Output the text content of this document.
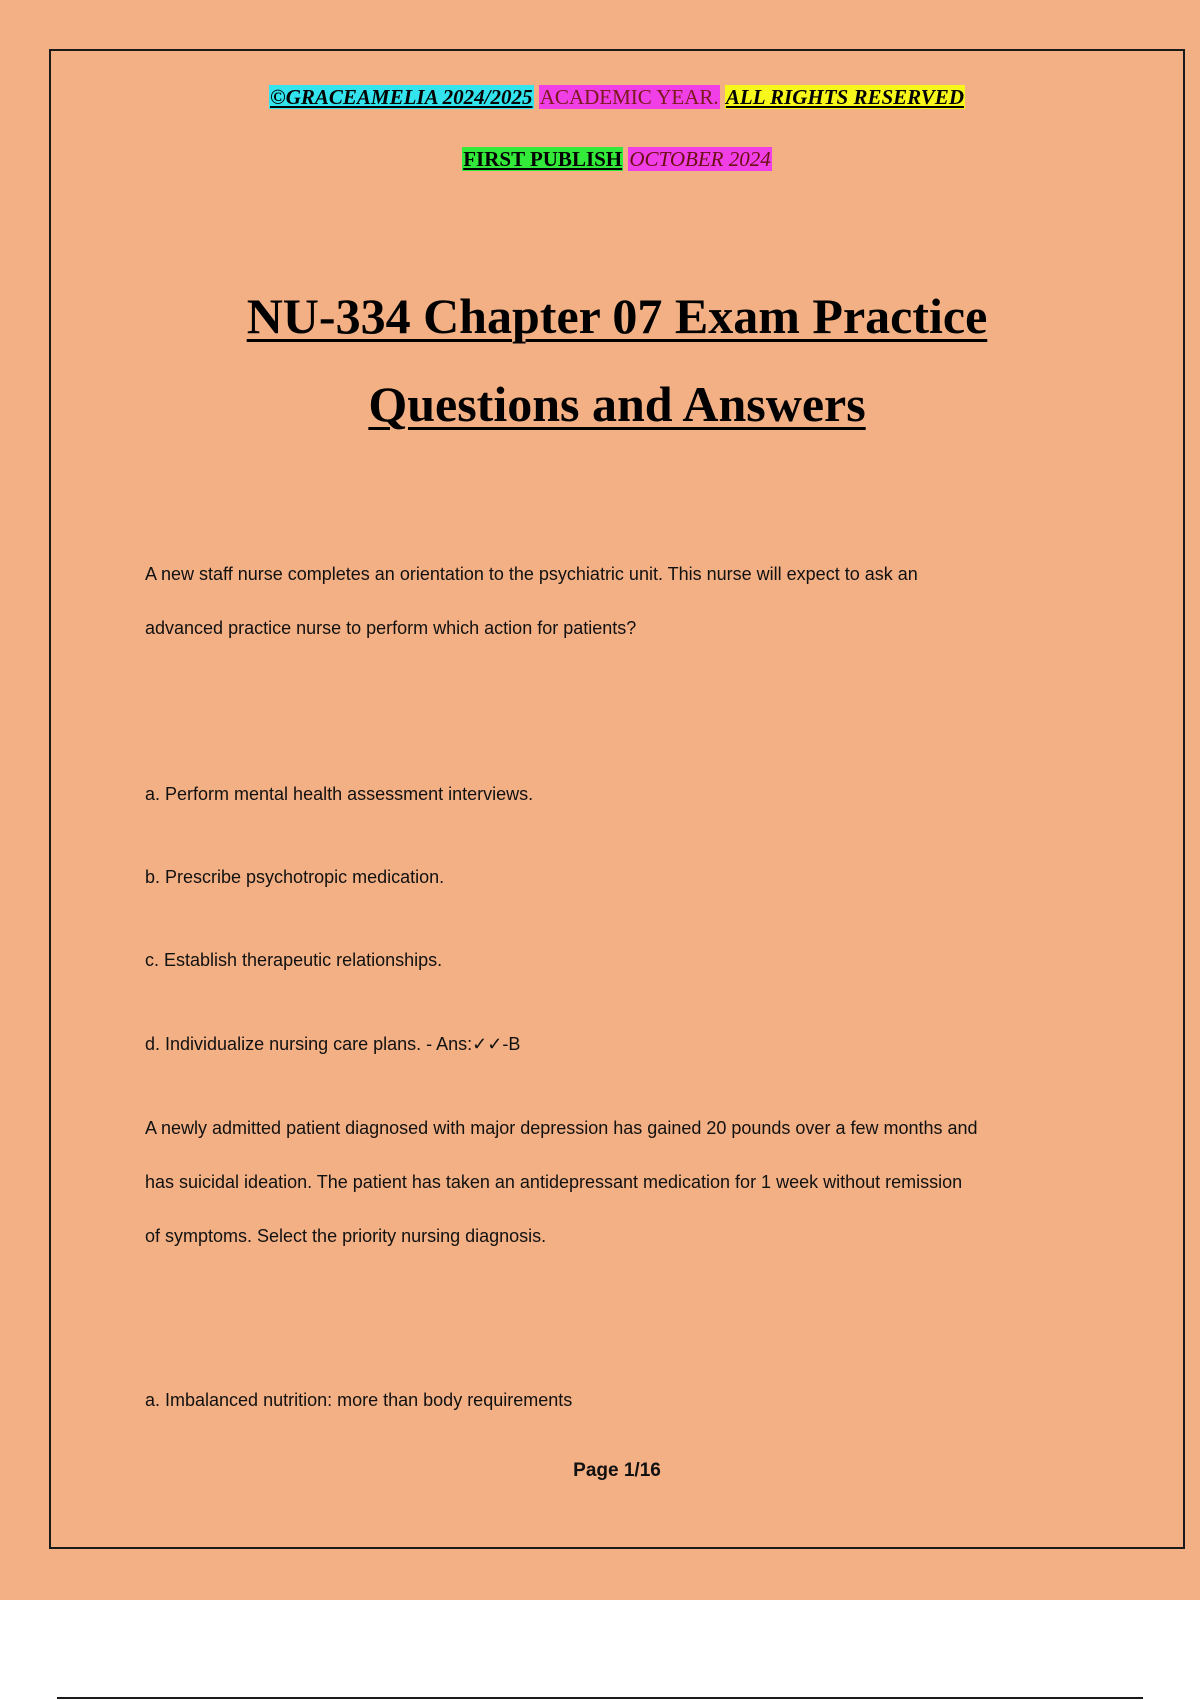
©GRACEAMELIA 2024/2025 ACADEMIC YEAR. ALL RIGHTS RESERVED
FIRST PUBLISH OCTOBER 2024
NU-334 Chapter 07 Exam Practice
Questions and Answers
A new staff nurse completes an orientation to the psychiatric unit. This nurse will expect to ask an
advanced practice nurse to perform which action for patients?
a. Perform mental health assessment interviews.
b. Prescribe psychotropic medication.
c. Establish therapeutic relationships.
d. Individualize nursing care plans. - Ans:✓✓-B
A newly admitted patient diagnosed with major depression has gained 20 pounds over a few months and
has suicidal ideation. The patient has taken an antidepressant medication for 1 week without remission
of symptoms. Select the priority nursing diagnosis.
a. Imbalanced nutrition: more than body requirements
Page 1/16
